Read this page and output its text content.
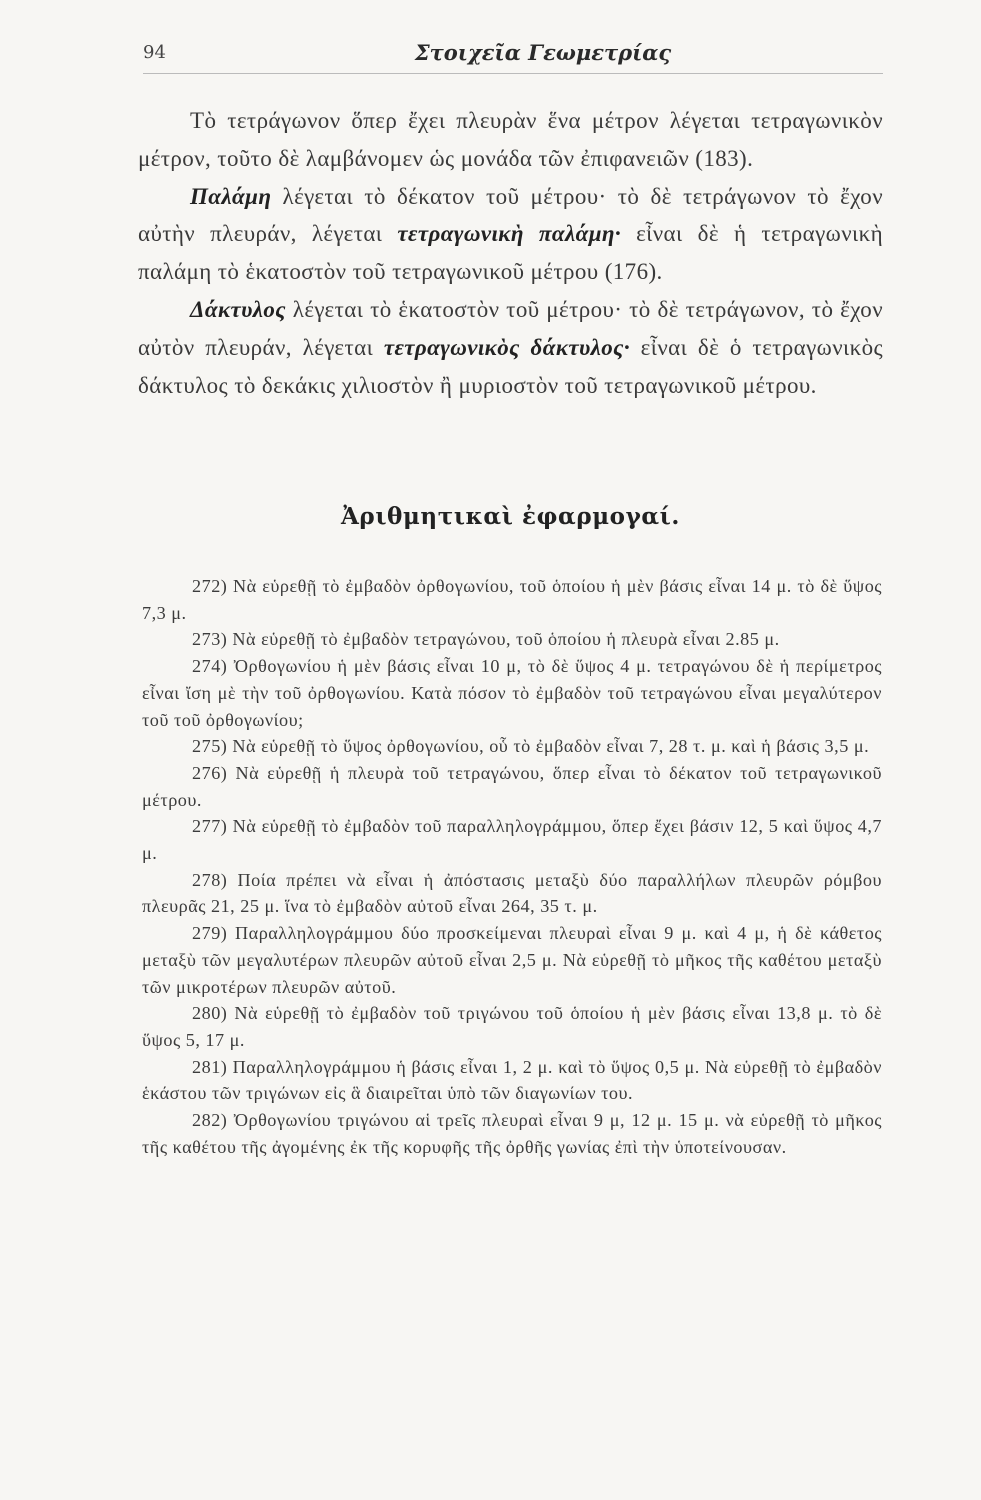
94	Στοιχεῖα Γεωμετρίας

Τὸ τετράγωνον ὅπερ ἔχει πλευρὰν ἕνα μέτρον λέγεται τετραγωνικὸν μέτρον, τοῦτο δὲ λαμβάνομεν ὡς μονάδα τῶν ἐπιφανειῶν (183).

Παλάμη λέγεται τὸ δέκατον τοῦ μέτρου· τὸ δὲ τετράγωνον τὸ ἔχον αὐτὴν πλευράν, λέγεται τετραγωνικὴ παλάμη· εἶναι δὲ ἡ τετραγωνικὴ παλάμη τὸ ἑκατοστὸν τοῦ τετραγωνικοῦ μέτρου (176).

Δάκτυλος λέγεται τὸ ἑκατοστὸν τοῦ μέτρου· τὸ δὲ τετράγωνον, τὸ ἔχον αὐτὸν πλευράν, λέγεται τετραγωνικὸς δάκτυλος· εἶναι δὲ ὁ τετραγωνικὸς δάκτυλος τὸ δεκάκις χιλιοστὸν ἢ μυριοστὸν τοῦ τετραγωνικοῦ μέτρου.

Ἀριθμητικαὶ ἐφαρμογαί.

272) Νὰ εὑρεθῇ τὸ ἐμβαδὸν ὀρθογωνίου, τοῦ ὁποίου ἡ μὲν βάσις εἶναι 14 μ. τὸ δὲ ὕψος 7,3 μ.

273) Νὰ εὑρεθῇ τὸ ἐμβαδὸν τετραγώνου, τοῦ ὁποίου ἡ πλευρὰ εἶναι 2.85 μ.

274) Ὀρθογωνίου ἡ μὲν βάσις εἶναι 10 μ, τὸ δὲ ὕψος 4 μ. τετραγώνου δὲ ἡ περίμετρος εἶναι ἴση μὲ τὴν τοῦ ὀρθογωνίου. Κατὰ πόσον τὸ ἐμβαδὸν τοῦ τετραγώνου εἶναι μεγαλύτερον τοῦ τοῦ ὀρθογωνίου;

275) Νὰ εὑρεθῇ τὸ ὕψος ὀρθογωνίου, οὗ τὸ ἐμβαδὸν εἶναι 7, 28 τ. μ. καὶ ἡ βάσις 3,5 μ.

276) Νὰ εὑρεθῇ ἡ πλευρὰ τοῦ τετραγώνου, ὅπερ εἶναι τὸ δέκατον τοῦ τετραγωνικοῦ μέτρου.

277) Νὰ εὑρεθῇ τὸ ἐμβαδὸν τοῦ παραλληλογράμμου, ὅπερ ἔχει βάσιν 12, 5 καὶ ὕψος 4,7 μ.

278) Ποία πρέπει νὰ εἶναι ἡ ἀπόστασις μεταξὺ δύο παραλλήλων πλευρῶν ρόμβου πλευρᾶς 21, 25 μ. ἵνα τὸ ἐμβαδὸν αὐτοῦ εἶναι 264, 35 τ. μ.

279) Παραλληλογράμμου δύο προσκείμεναι πλευραὶ εἶναι 9 μ. καὶ 4 μ, ἡ δὲ κάθετος μεταξὺ τῶν μεγαλυτέρων πλευρῶν αὐτοῦ εἶναι 2,5 μ. Νὰ εὑρεθῇ τὸ μῆκος τῆς καθέτου μεταξὺ τῶν μικροτέρων πλευρῶν αὐτοῦ.

280) Νὰ εὑρεθῇ τὸ ἐμβαδὸν τοῦ τριγώνου τοῦ ὁποίου ἡ μὲν βάσις εἶναι 13,8 μ. τὸ δὲ ὕψος 5, 17 μ.

281) Παραλληλογράμμου ἡ βάσις εἶναι 1, 2 μ. καὶ τὸ ὕψος 0,5 μ. Νὰ εὑρεθῇ τὸ ἐμβαδὸν ἑκάστου τῶν τριγώνων εἰς ἃ διαιρεῖται ὑπὸ τῶν διαγωνίων του.

282) Ὀρθογωνίου τριγώνου αἱ τρεῖς πλευραὶ εἶναι 9 μ, 12 μ. 15 μ. νὰ εὑρεθῇ τὸ μῆκος τῆς καθέτου τῆς ἀγομένης ἐκ τῆς κορυφῆς τῆς ὀρθῆς γωνίας ἐπὶ τὴν ὑποτείνουσαν.
